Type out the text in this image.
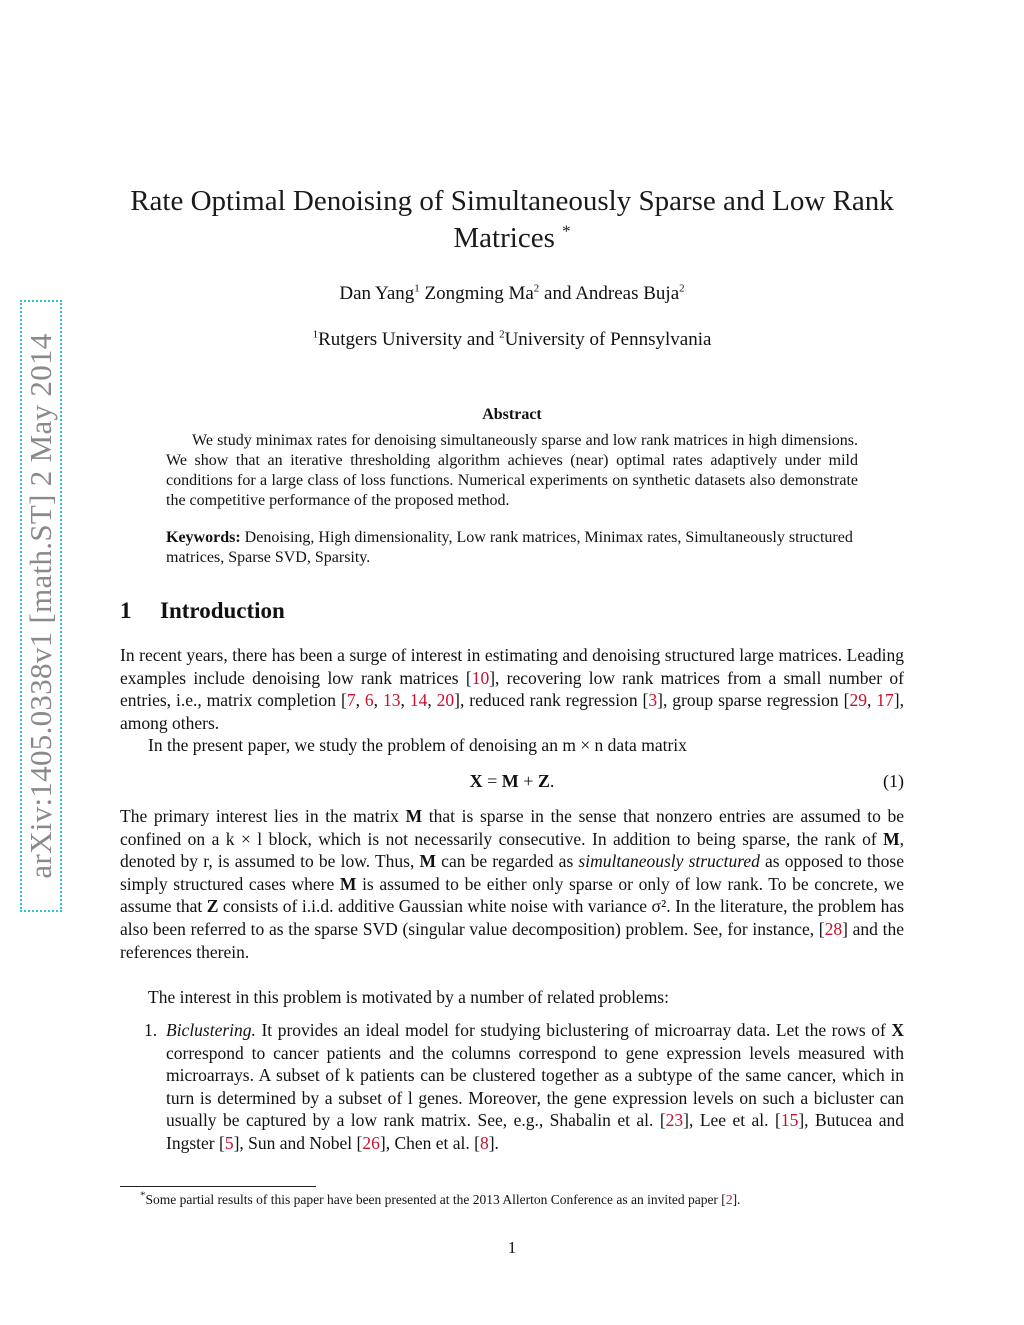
arXiv:1405.0338v1 [math.ST] 2 May 2014
Rate Optimal Denoising of Simultaneously Sparse and Low Rank
Matrices *
Dan Yang$^1$ Zongming Ma$^2$ and Andreas Buja$^2$
$^1$Rutgers University and $^2$University of Pennsylvania
Abstract
We study minimax rates for denoising simultaneously sparse and low rank matrices in high dimensions. We show that an iterative thresholding algorithm achieves (near) optimal rates adaptively under mild conditions for a large class of loss functions. Numerical experiments on synthetic datasets also demonstrate the competitive performance of the proposed method.
Keywords: Denoising, High dimensionality, Low rank matrices, Minimax rates, Simultaneously structured matrices, Sparse SVD, Sparsity.
1 Introduction

In recent years, there has been a surge of interest in estimating and denoising structured large matrices. Leading examples include denoising low rank matrices [10], recovering low rank matrices from a small number of entries, i.e., matrix completion [7, 6, 13, 14, 20], reduced rank regression [3], group sparse regression [29, 17], among others.

In the present paper, we study the problem of denoising an m × n data matrix

X = M + Z.	(1)

The primary interest lies in the matrix M that is sparse in the sense that nonzero entries are assumed to be confined on a k × l block, which is not necessarily consecutive. In addition to being sparse, the rank of M, denoted by r, is assumed to be low. Thus, M can be regarded as simultaneously structured as opposed to those simply structured cases where M is assumed to be either only sparse or only of low rank. To be concrete, we assume that Z consists of i.i.d. additive Gaussian white noise with variance σ². In the literature, the problem has also been referred to as the sparse SVD (singular value decomposition) problem. See, for instance, [28] and the references therein.

The interest in this problem is motivated by a number of related problems:

1. Biclustering. It provides an ideal model for studying biclustering of microarray data. Let the rows of X correspond to cancer patients and the columns correspond to gene expression levels measured with microarrays. A subset of k patients can be clustered together as a subtype of the same cancer, which in turn is determined by a subset of l genes. Moreover, the gene expression levels on such a bicluster can usually be captured by a low rank matrix. See, e.g., Shabalin et al. [23], Lee et al. [15], Butucea and Ingster [5], Sun and Nobel [26], Chen et al. [8].
*Some partial results of this paper have been presented at the 2013 Allerton Conference as an invited paper [2].
1
